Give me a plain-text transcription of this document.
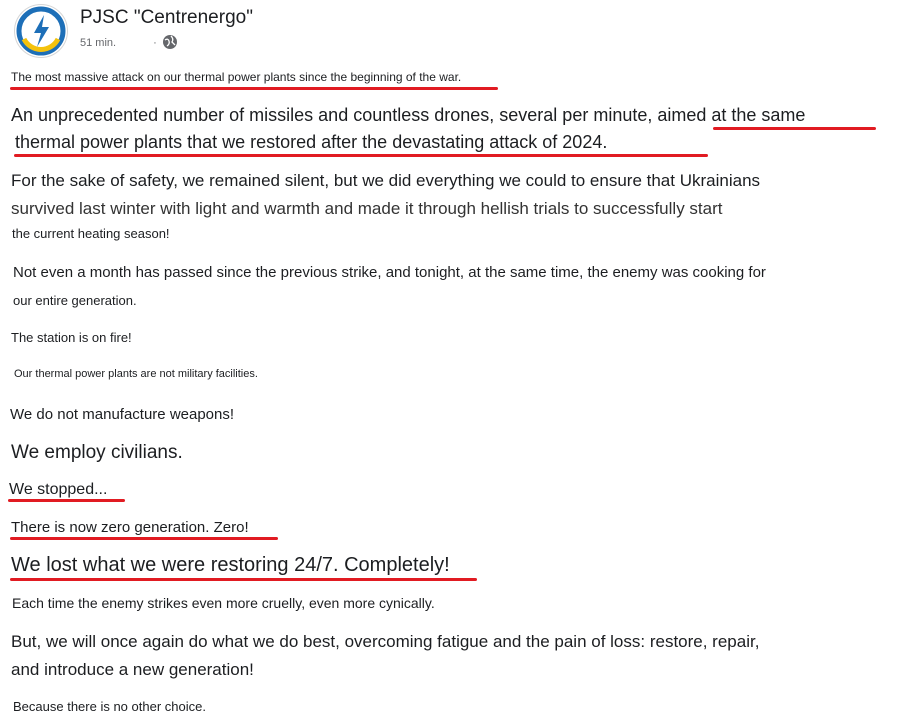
PJSC "Centrenergo"
51 min.	·
The most massive attack on our thermal power plants since the beginning of the war.
An unprecedented number of missiles and countless drones, several per minute, aimed at the same
thermal power plants that we restored after the devastating attack of 2024.
For the sake of safety, we remained silent, but we did everything we could to ensure that Ukrainians
survived last winter with light and warmth and made it through hellish trials to successfully start
the current heating season!
Not even a month has passed since the previous strike, and tonight, at the same time, the enemy was cooking for
our entire generation.
The station is on fire!
Our thermal power plants are not military facilities.
We do not manufacture weapons!
We employ civilians.
We stopped...
There is now zero generation. Zero!
We lost what we were restoring 24/7. Completely!
Each time the enemy strikes even more cruelly, even more cynically.
But, we will once again do what we do best, overcoming fatigue and the pain of loss: restore, repair,
and introduce a new generation!
Because there is no other choice.
